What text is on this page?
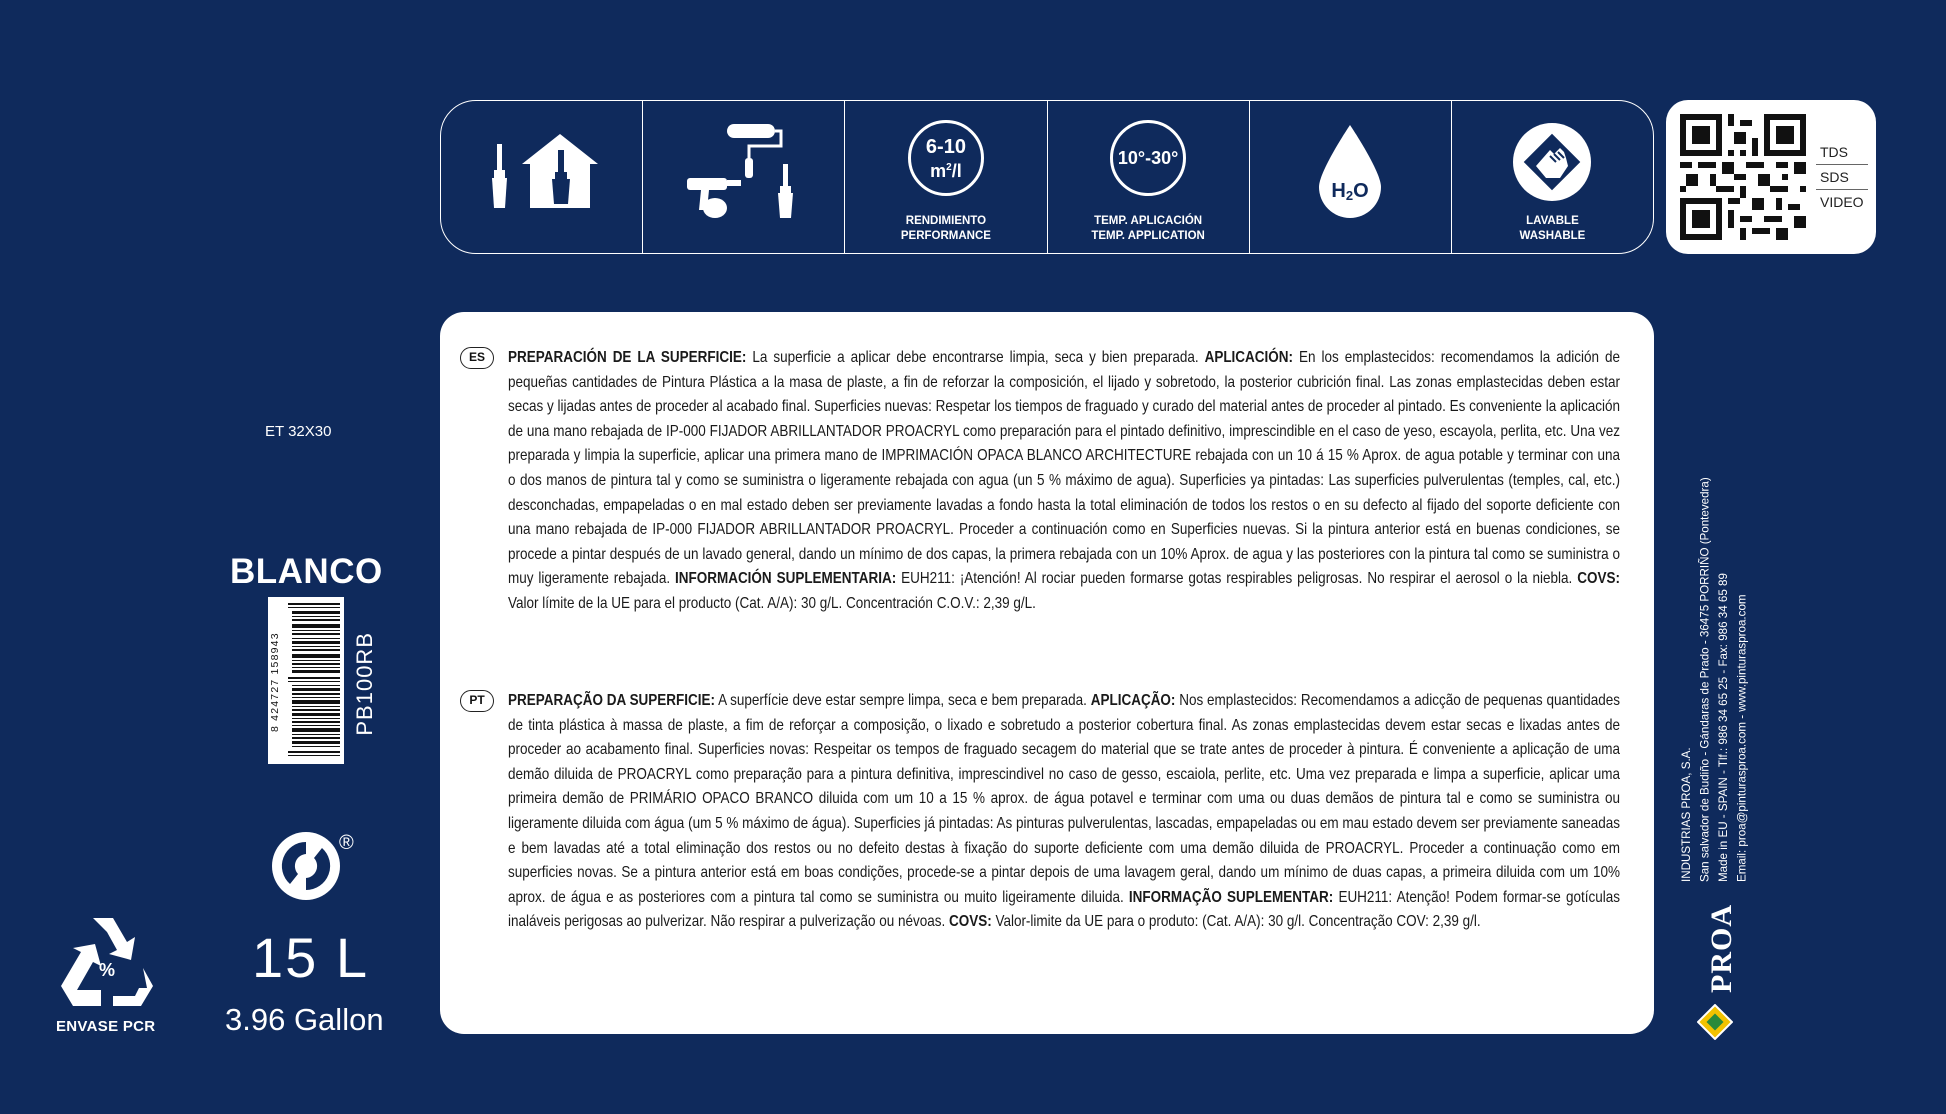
6-10
$m^2/l$
RENDIMIENTO
PERFORMANCE
10°-30°
TEMP. APLICACIÓN
TEMP. APPLICATION
H2O
LAVABLE
WASHABLE
TDS
SDS
VIDEO
ET 32X30
BLANCO
8 424727 158943	PB100RB
®
%
ENVASE PCR
15 L
3.96 Gallon
ES	PREPARACIÓN DE LA SUPERFICIE: La superficie a aplicar debe encontrarse limpia, seca y bien preparada. APLICACIÓN: En los emplastecidos: recomendamos la adición de pequeñas cantidades de Pintura Plástica a la masa de plaste, a fin de reforzar la composición, el lijado y sobretodo, la posterior cubrición final. Las zonas emplastecidas deben estar secas y lijadas antes de proceder al acabado final. Superficies nuevas: Respetar los tiempos de fraguado y curado del material antes de proceder al pintado. Es conveniente la aplicación de una mano rebajada de IP-000 FIJADOR ABRILLANTADOR PROACRYL como preparación para el pintado definitivo, imprescindible en el caso de yeso, escayola, perlita, etc. Una vez preparada y limpia la superficie, aplicar una primera mano de IMPRIMACIÓN OPACA BLANCO ARCHITECTURE rebajada con un 10 á 15 % Aprox. de agua potable y terminar con una o dos manos de pintura tal y como se suministra o ligeramente rebajada con agua (un 5 % máximo de agua). Superficies ya pintadas: Las superficies pulverulentas (temples, cal, etc.) desconchadas, empapeladas o en mal estado deben ser previamente lavadas a fondo hasta la total eliminación de todos los restos o en su defecto al fijado del soporte deficiente con una mano rebajada de IP-000 FIJADOR ABRILLANTADOR PROACRYL. Proceder a continuación como en Superficies nuevas. Si la pintura anterior está en buenas condiciones, se procede a pintar después de un lavado general, dando un mínimo de dos capas, la primera rebajada con un 10% Aprox. de agua y las posteriores con la pintura tal como se suministra o muy ligeramente rebajada. INFORMACIÓN SUPLEMENTARIA: EUH211: ¡Atención! Al rociar pueden formarse gotas respirables peligrosas. No respirar el aerosol o la niebla. COVS: Valor límite de la UE para el producto (Cat. A/A): 30 g/L. Concentración C.O.V.: 2,39 g/L.

PT	PREPARAÇÃO DA SUPERFICIE: A superfície deve estar sempre limpa, seca e bem preparada. APLICAÇÃO: Nos emplastecidos: Recomendamos a adicção de pequenas quantidades de tinta plástica à massa de plaste, a fim de reforçar a composição, o lixado e sobretudo a posterior cobertura final. As zonas emplastecidas devem estar secas e lixadas antes de proceder ao acabamento final. Superficies novas: Respeitar os tempos de fraguado secagem do material que se trate antes de proceder à pintura. É conveniente a aplicação de uma demão diluida de PROACRYL como preparação para a pintura definitiva, imprescindivel no caso de gesso, escaiola, perlite, etc. Uma vez preparada e limpa a superficie, aplicar uma primeira demão de PRIMÁRIO OPACO BRANCO diluida com um 10 a 15 % aprox. de água potavel e terminar com uma ou duas demãos de pintura tal e como se suministra ou ligeramente diluida com água (um 5 % máximo de água). Superficies já pintadas: As pinturas pulverulentas, lascadas, empapeladas ou em mau estado devem ser previamente saneadas e bem lavadas até a total eliminação dos restos ou no defeito destas à fixação do suporte deficiente com uma demão diluida de PROACRYL. Proceder a continuação como em superficies novas. Se a pintura anterior está em boas condições, procede-se a pintar depois de uma lavagem geral, dando um mínimo de duas capas, a primeira diluida com um 10% aprox. de água e as posteriores com a pintura tal como se suministra ou muito ligeiramente diluida. INFORMAÇÃO SUPLEMENTAR: EUH211: Atenção! Podem formar-se gotículas inaláveis perigosas ao pulverizar. Não respirar a pulverização ou névoas. COVS: Valor-limite da UE para o produto: (Cat. A/A): 30 g/l. Concentração COV: 2,39 g/l.

INDUSTRIAS PROA, S.A. San salvador de Budiño - Gándaras de Prado - 36475 PORRIÑO (Pontevedra) Made in EU - SPAIN - Tlf.: 986 34 65 25 - Fax: 986 34 65 89 Email: proa@pinturasproa.com - www.pinturasproa.com
PROA
